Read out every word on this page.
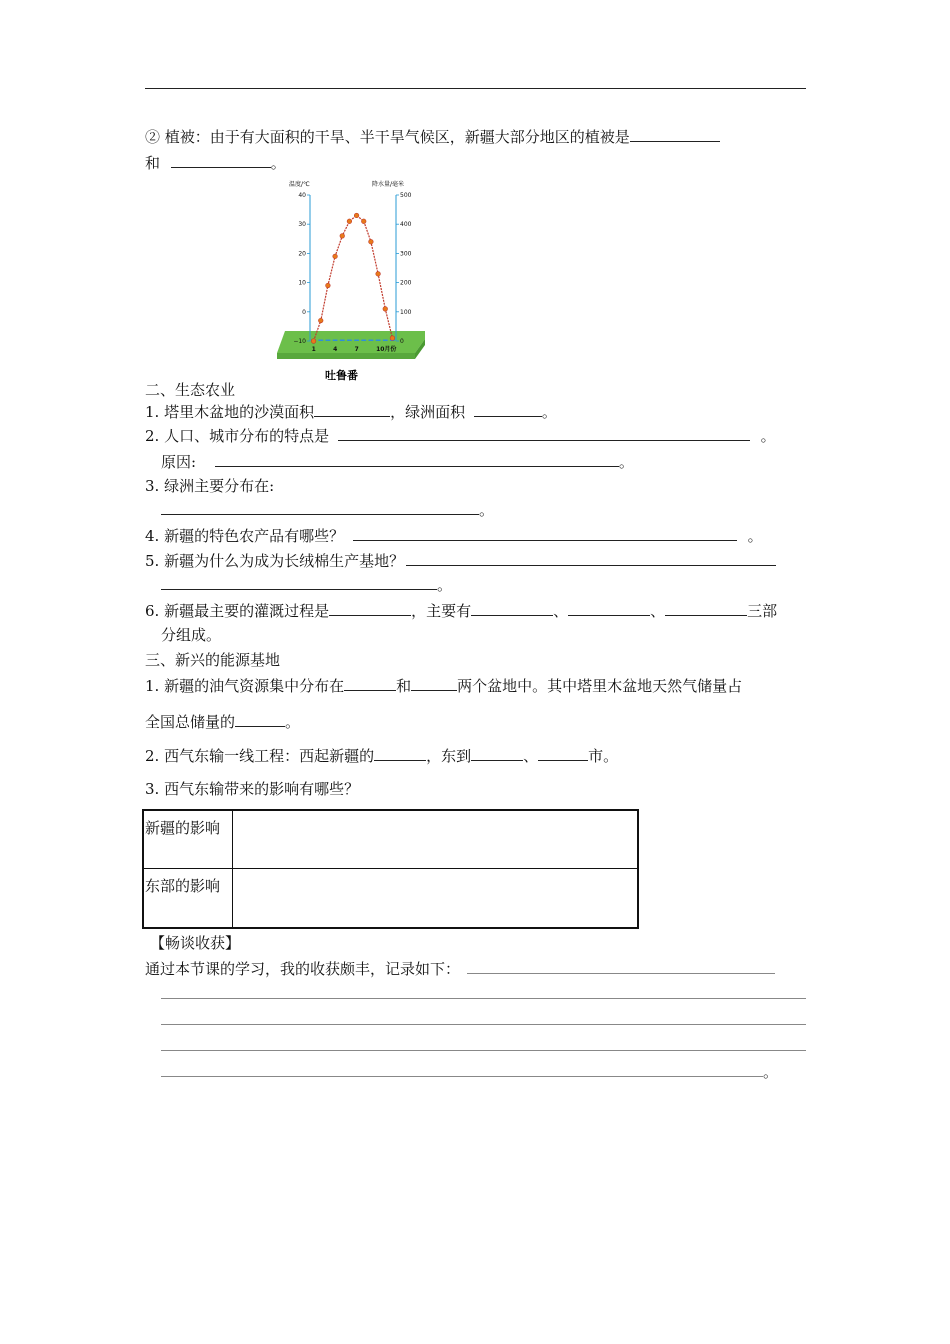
② 植被：由于有大面积的干旱、半干旱气候区，新疆大部分地区的植被是
和	。
温度/℃	降水量/毫米
40
30
20
10
0
−10
500
400
300
200
100
0
1	4	7	10月份
吐鲁番
二、生态农业
1. 塔里木盆地的沙漠面积	，绿洲面积	。
2. 人口、城市分布的特点是	。
原因:	。
3. 绿洲主要分布在:
。
4. 新疆的特色农产品有哪些？	。
5. 新疆为什么为成为长绒棉生产基地？
。
6. 新疆最主要的灌溉过程是	，主要有	、	、	三部
分组成。
三、新兴的能源基地
1. 新疆的油气资源集中分布在	和	两个盆地中。其中塔里木盆地天然气储量占
全国总储量的	。
2. 西气东输一线工程：西起新疆的	，东到	、	市。
3. 西气东输带来的影响有哪些？
新疆的影响
东部的影响
【畅谈收获】
通过本节课的学习，我的收获颇丰，记录如下：
。
